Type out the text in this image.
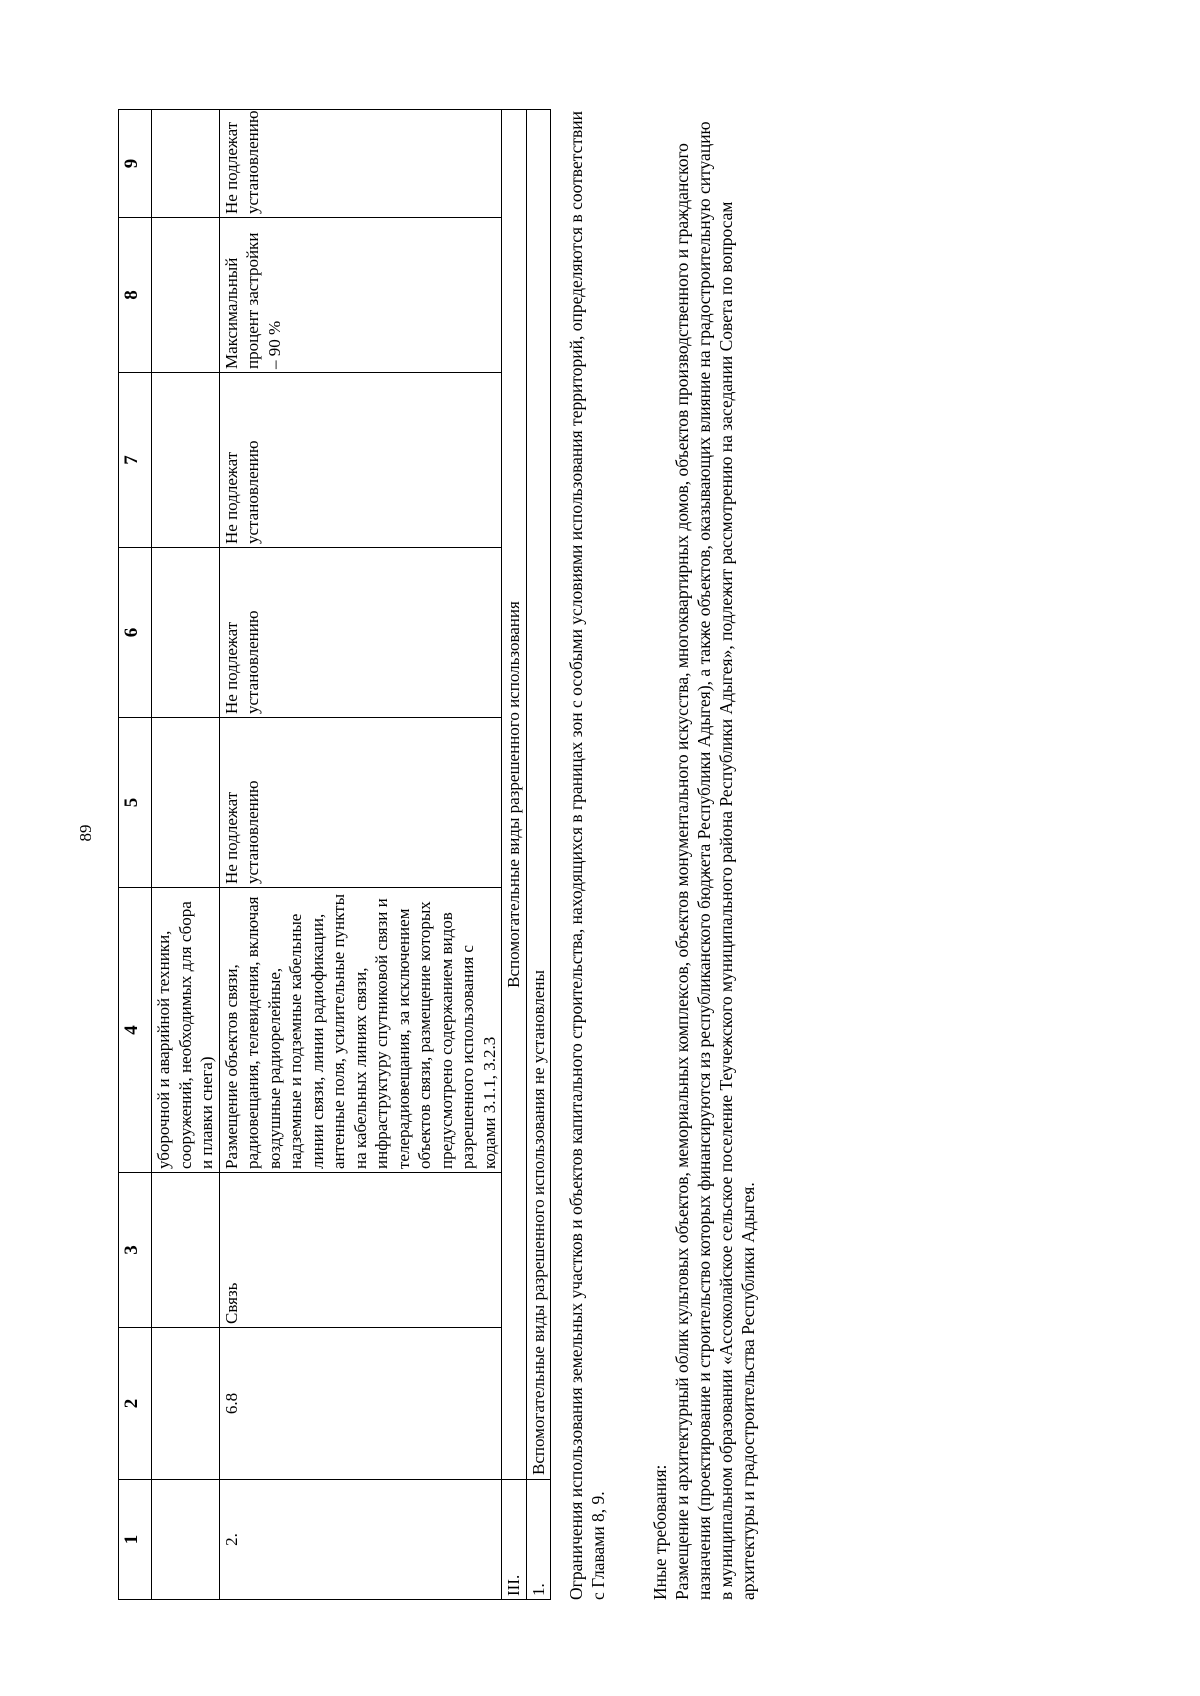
89
1	2	3	4	5	6	7	8	9
			уборочной и аварийной техники, сооружений, необходимых для сбора и плавки снега)					
2.	6.8	Связь	Размещение объектов связи, радиовещания, телевидения, включая воздушные радиорелейные, надземные и подземные кабельные линии связи, линии радиофикации, антенные поля, усилительные пункты на кабельных линиях связи, инфраструктуру спутниковой связи и телерадиовещания, за исключением объектов связи, размещение которых предусмотрено содержанием видов разрешенного использования с кодами 3.1.1, 3.2.3	Не подлежат установлению	Не подлежат установлению	Не подлежат установлению	Максимальный процент застройки – 90 %	Не подлежат установлению
III.	Вспомогательные виды разрешенного использования							
1.	Вспомогательные виды разрешенного использования не установлены							Ограничения использования земельных участков и объектов капитального строительства, находящихся в границах зон с особыми условиями использования территорий, определяются в соответствии с Главами 8, 9. Иные требования: Размещение и архитектурный облик культовых объектов, мемориальных комплексов, объектов монументального искусства, многоквартирных домов, объектов производственного и гражданского назначения (проектирование и строительство которых финансируются из республиканского бюджета Республики Адыгея), а также объектов, оказывающих влияние на градостроительную ситуацию в муниципальном образовании «Ассоколайское сельское поселение Теучежского муниципального района Республики Адыгея», подлежит рассмотрению на заседании Совета по вопросам архитектуры и градостроительства Республики Адыгея.
